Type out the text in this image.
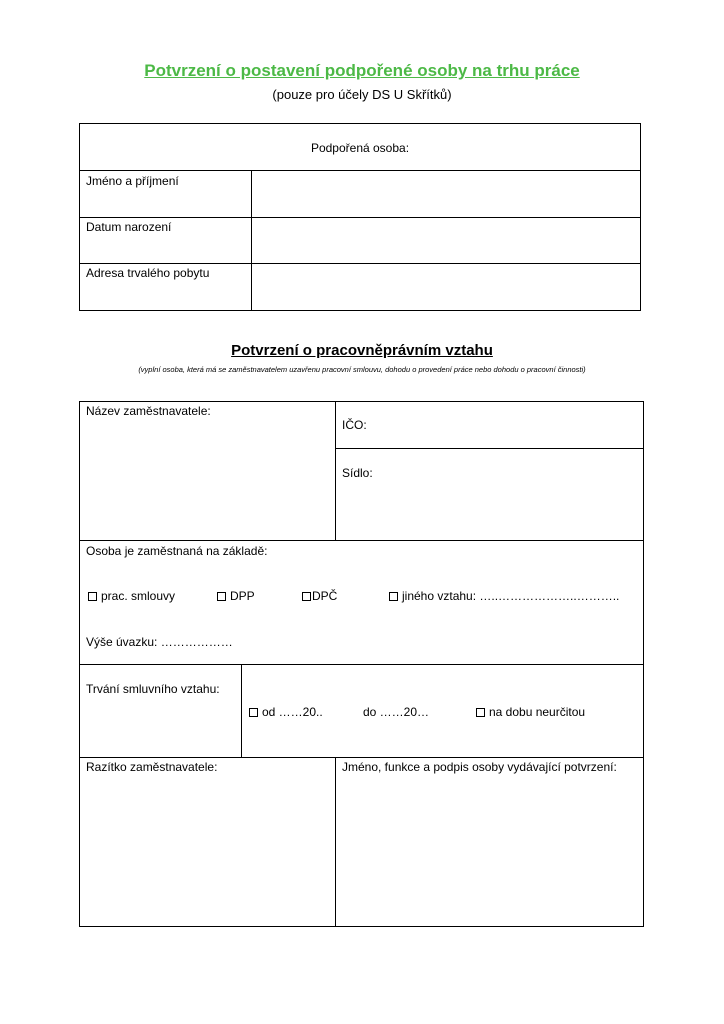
Potvrzení o postavení podpořené osoby na trhu práce
(pouze pro účely DS U Skřítků)
Podpořená osoba:
Jméno a příjmení
Datum narození
Adresa trvalého pobytu
Potvrzení o pracovněprávním vztahu
(vyplní osoba, která má se zaměstnavatelem uzavřenu pracovní smlouvu, dohodu o provedení práce nebo dohodu o pracovní činnosti)
Název zaměstnavatele:
IČO:
Sídlo:
Osoba je zaměstnaná na základě:
prac. smlouvy	DPP	DPČ	jiného vztahu: …..………………..………..
Výše úvazku: ………………
Trvání smluvního vztahu:
od ……20..	do ……20…	na dobu neurčitou
Razítko zaměstnavatele:	Jméno, funkce a podpis osoby vydávající potvrzení:
